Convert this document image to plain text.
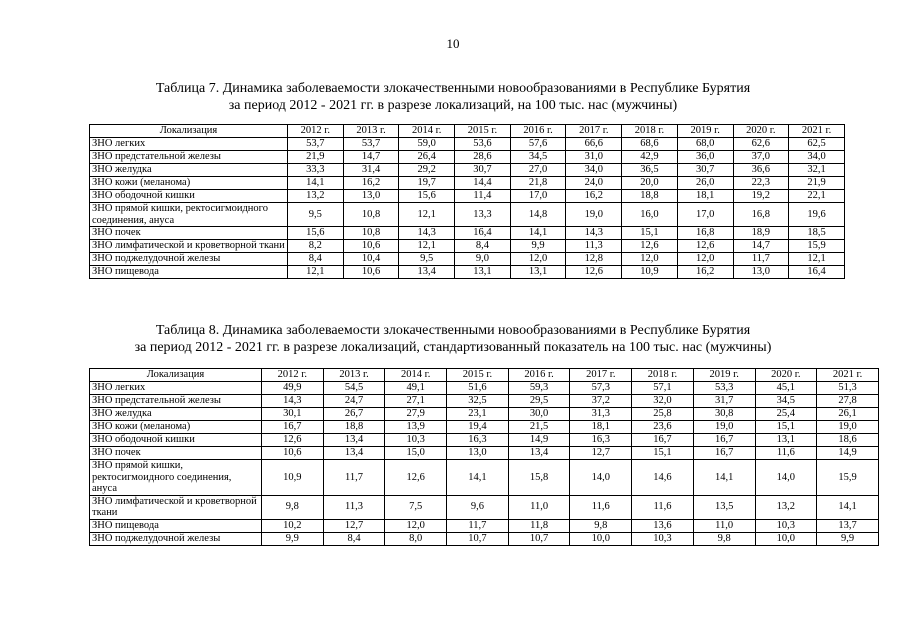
10
Таблица 7. Динамика заболеваемости злокачественными новообразованиями в Республике Бурятия
за период 2012 - 2021 гг. в разрезе локализаций, на 100 тыс. нас (мужчины)
Локализация	2012 г.	2013 г.	2014 г.	2015 г.	2016 г.	2017 г.	2018 г.	2019 г.	2020 г.	2021 г.
ЗНО легких	53,7	53,7	59,0	53,6	57,6	66,6	68,6	68,0	62,6	62,5
ЗНО предстательной железы	21,9	14,7	26,4	28,6	34,5	31,0	42,9	36,0	37,0	34,0
ЗНО желудка	33,3	31,4	29,2	30,7	27,0	34,0	36,5	30,7	36,6	32,1
ЗНО кожи (меланома)	14,1	16,2	19,7	14,4	21,8	24,0	20,0	26,0	22,3	21,9
ЗНО ободочной кишки	13,2	13,0	15,6	11,4	17,0	16,2	18,8	18,1	19,2	22,1
ЗНО прямой кишки, ректосигмоидного соединения, ануса	9,5	10,8	12,1	13,3	14,8	19,0	16,0	17,0	16,8	19,6
ЗНО почек	15,6	10,8	14,3	16,4	14,1	14,3	15,1	16,8	18,9	18,5
ЗНО лимфатической и кроветворной ткани	8,2	10,6	12,1	8,4	9,9	11,3	12,6	12,6	14,7	15,9
ЗНО поджелудочной железы	8,4	10,4	9,5	9,0	12,0	12,8	12,0	12,0	11,7	12,1
ЗНО пищевода	12,1	10,6	13,4	13,1	13,1	12,6	10,9	16,2	13,0	16,4
Таблица 8. Динамика заболеваемости злокачественными новообразованиями в Республике Бурятия
за период 2012 - 2021 гг. в разрезе локализаций, стандартизованный показатель на 100 тыс. нас (мужчины)
Локализация	2012 г.	2013 г.	2014 г.	2015 г.	2016 г.	2017 г.	2018 г.	2019 г.	2020 г.	2021 г.
ЗНО легких	49,9	54,5	49,1	51,6	59,3	57,3	57,1	53,3	45,1	51,3
ЗНО предстательной железы	14,3	24,7	27,1	32,5	29,5	37,2	32,0	31,7	34,5	27,8
ЗНО желудка	30,1	26,7	27,9	23,1	30,0	31,3	25,8	30,8	25,4	26,1
ЗНО кожи (меланома)	16,7	18,8	13,9	19,4	21,5	18,1	23,6	19,0	15,1	19,0
ЗНО ободочной кишки	12,6	13,4	10,3	16,3	14,9	16,3	16,7	16,7	13,1	18,6
ЗНО почек	10,6	13,4	15,0	13,0	13,4	12,7	15,1	16,7	11,6	14,9
ЗНО прямой кишки, ректосигмоидного соединения, ануса	10,9	11,7	12,6	14,1	15,8	14,0	14,6	14,1	14,0	15,9
ЗНО лимфатической и кроветворной ткани	9,8	11,3	7,5	9,6	11,0	11,6	11,6	13,5	13,2	14,1
ЗНО пищевода	10,2	12,7	12,0	11,7	11,8	9,8	13,6	11,0	10,3	13,7
ЗНО поджелудочной железы	9,9	8,4	8,0	10,7	10,7	10,0	10,3	9,8	10,0	9,9
